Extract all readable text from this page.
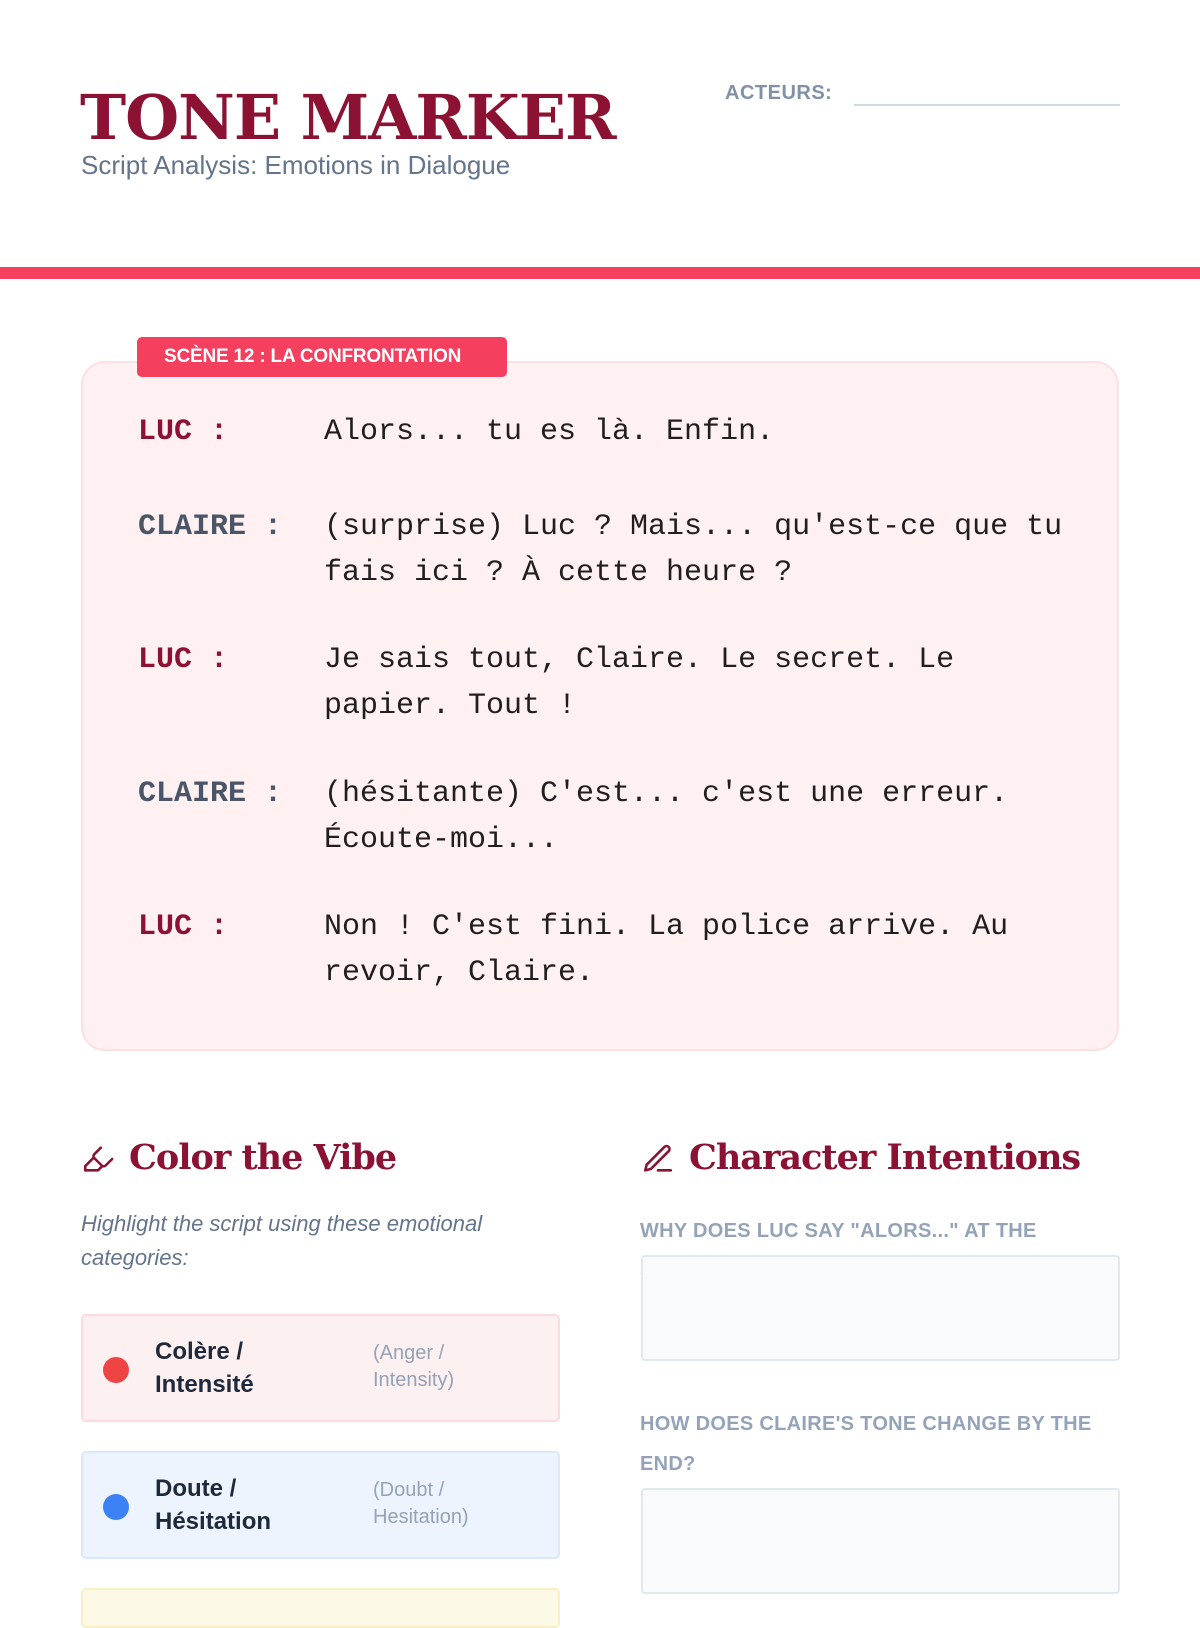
TONE MARKER
Script Analysis: Emotions in Dialogue
ACTEURS:
SCÈNE 12 : LA CONFRONTATION
LUC :	Alors... tu es là. Enfin.
CLAIRE : (surprise) Luc ? Mais... qu'est-ce que tu fais ici ? À cette heure ?
LUC :	Je sais tout, Claire. Le secret. Le papier. Tout !
CLAIRE : (hésitante) C'est... c'est une erreur. Écoute-moi...
LUC :	Non ! C'est fini. La police arrive. Au revoir, Claire.
Color the Vibe
Highlight the script using these emotional categories:
Colère / Intensité
(Anger / Intensity)
Doute / Hésitation
(Doubt / Hesitation)
Character Intentions
WHY DOES LUC SAY "ALORS..." AT THE
HOW DOES CLAIRE'S TONE CHANGE BY THE END?
